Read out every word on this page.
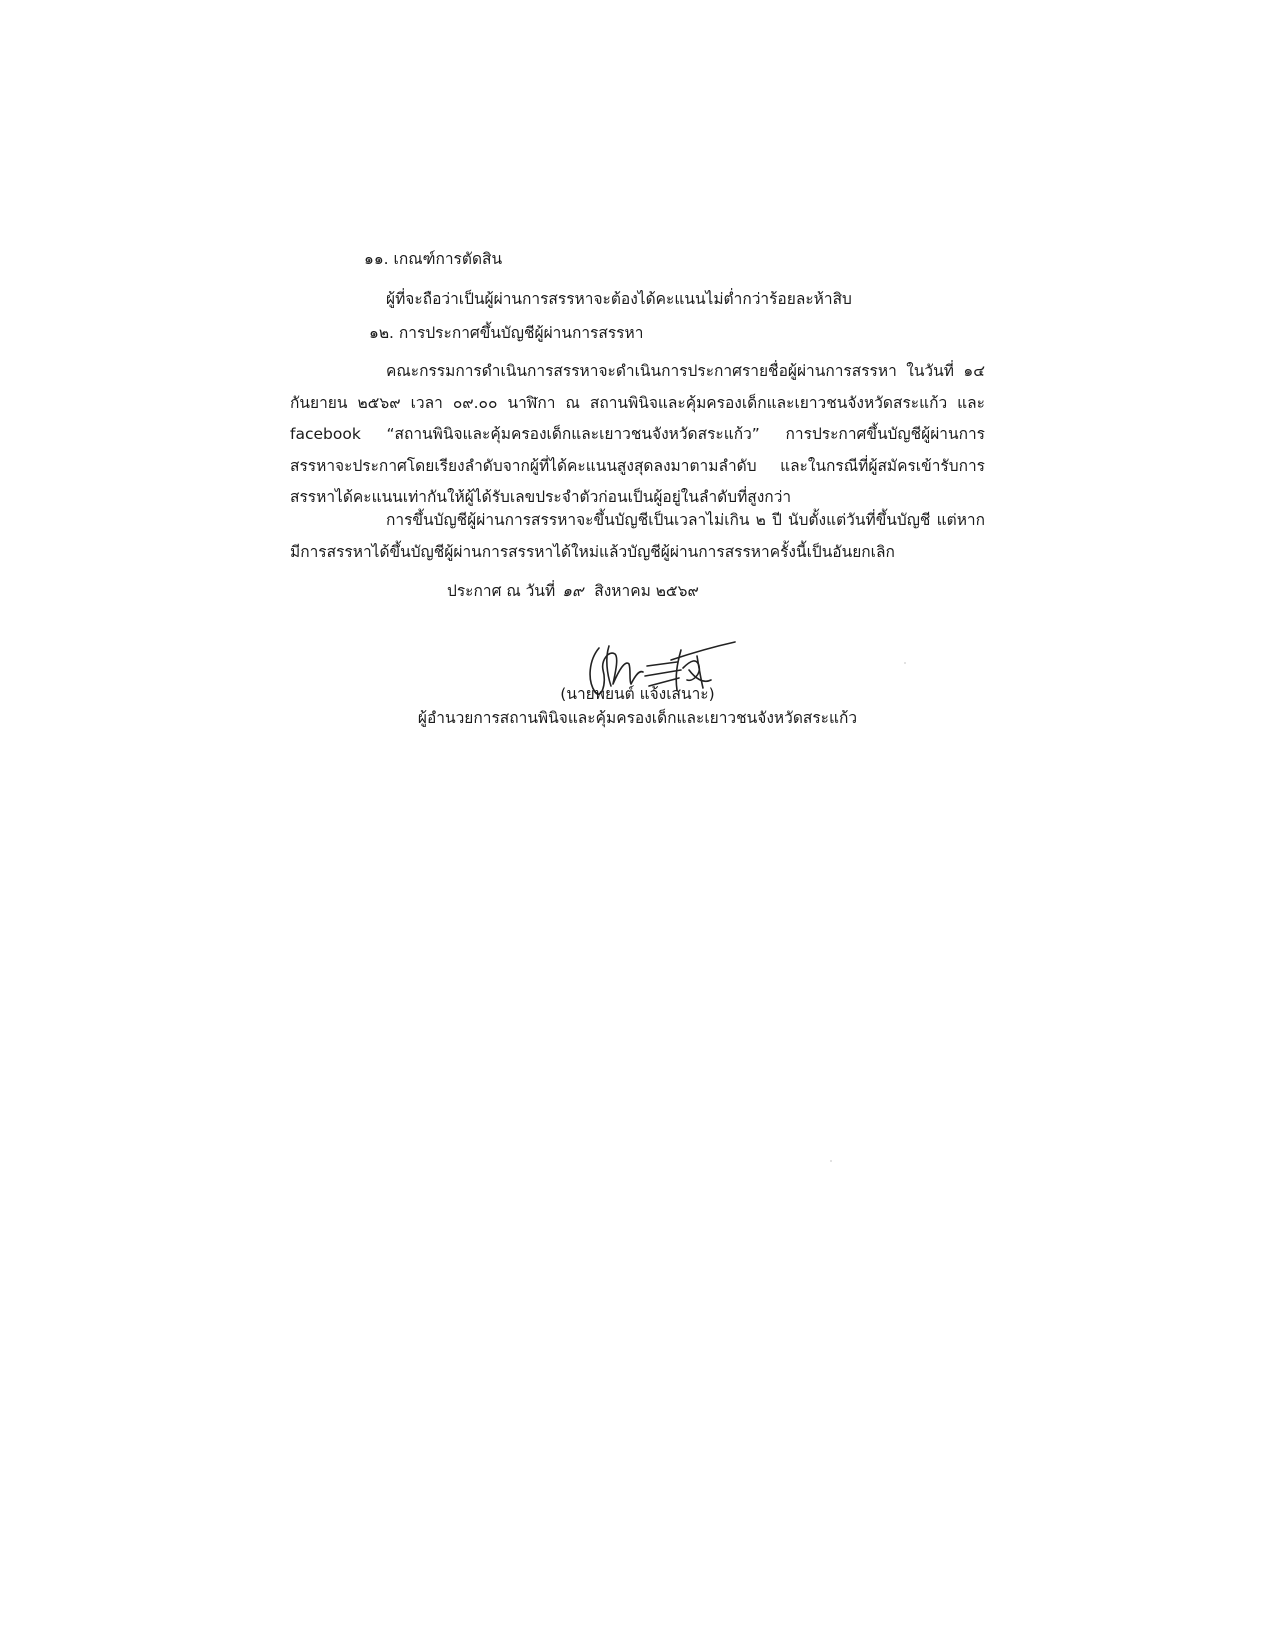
๑๑. เกณฑ์การตัดสิน
ผู้ที่จะถือว่าเป็นผู้ผ่านการสรรหาจะต้องได้คะแนนไม่ต่ำกว่าร้อยละห้าสิบ
๑๒. การประกาศขึ้นบัญชีผู้ผ่านการสรรหา
คณะกรรมการดำเนินการสรรหาจะดำเนินการประกาศรายชื่อผู้ผ่านการสรรหา ในวันที่ ๑๔ กันยายน ๒๕๖๙ เวลา ๐๙.๐๐ นาฬิกา ณ สถานพินิจและคุ้มครองเด็กและเยาวชนจังหวัดสระแก้ว และ facebook “สถานพินิจและคุ้มครองเด็กและเยาวชนจังหวัดสระแก้ว” การประกาศขึ้นบัญชีผู้ผ่านการสรรหาจะประกาศโดยเรียงลำดับจากผู้ที่ได้คะแนนสูงสุดลงมาตามลำดับ และในกรณีที่ผู้สมัครเข้ารับการสรรหาได้คะแนนเท่ากันให้ผู้ได้รับเลขประจำตัวก่อนเป็นผู้อยู่ในลำดับที่สูงกว่า
การขึ้นบัญชีผู้ผ่านการสรรหาจะขึ้นบัญชีเป็นเวลาไม่เกิน ๒ ปี นับตั้งแต่วันที่ขึ้นบัญชี แต่หากมีการสรรหาได้ขึ้นบัญชีผู้ผ่านการสรรหาได้ใหม่แล้วบัญชีผู้ผ่านการสรรหาครั้งนี้เป็นอันยกเลิก
ประกาศ ณ วันที่ ๑๙ สิงหาคม ๒๕๖๙
(นายพยนต์ แจ้งเสนาะ)
ผู้อำนวยการสถานพินิจและคุ้มครองเด็กและเยาวชนจังหวัดสระแก้ว
